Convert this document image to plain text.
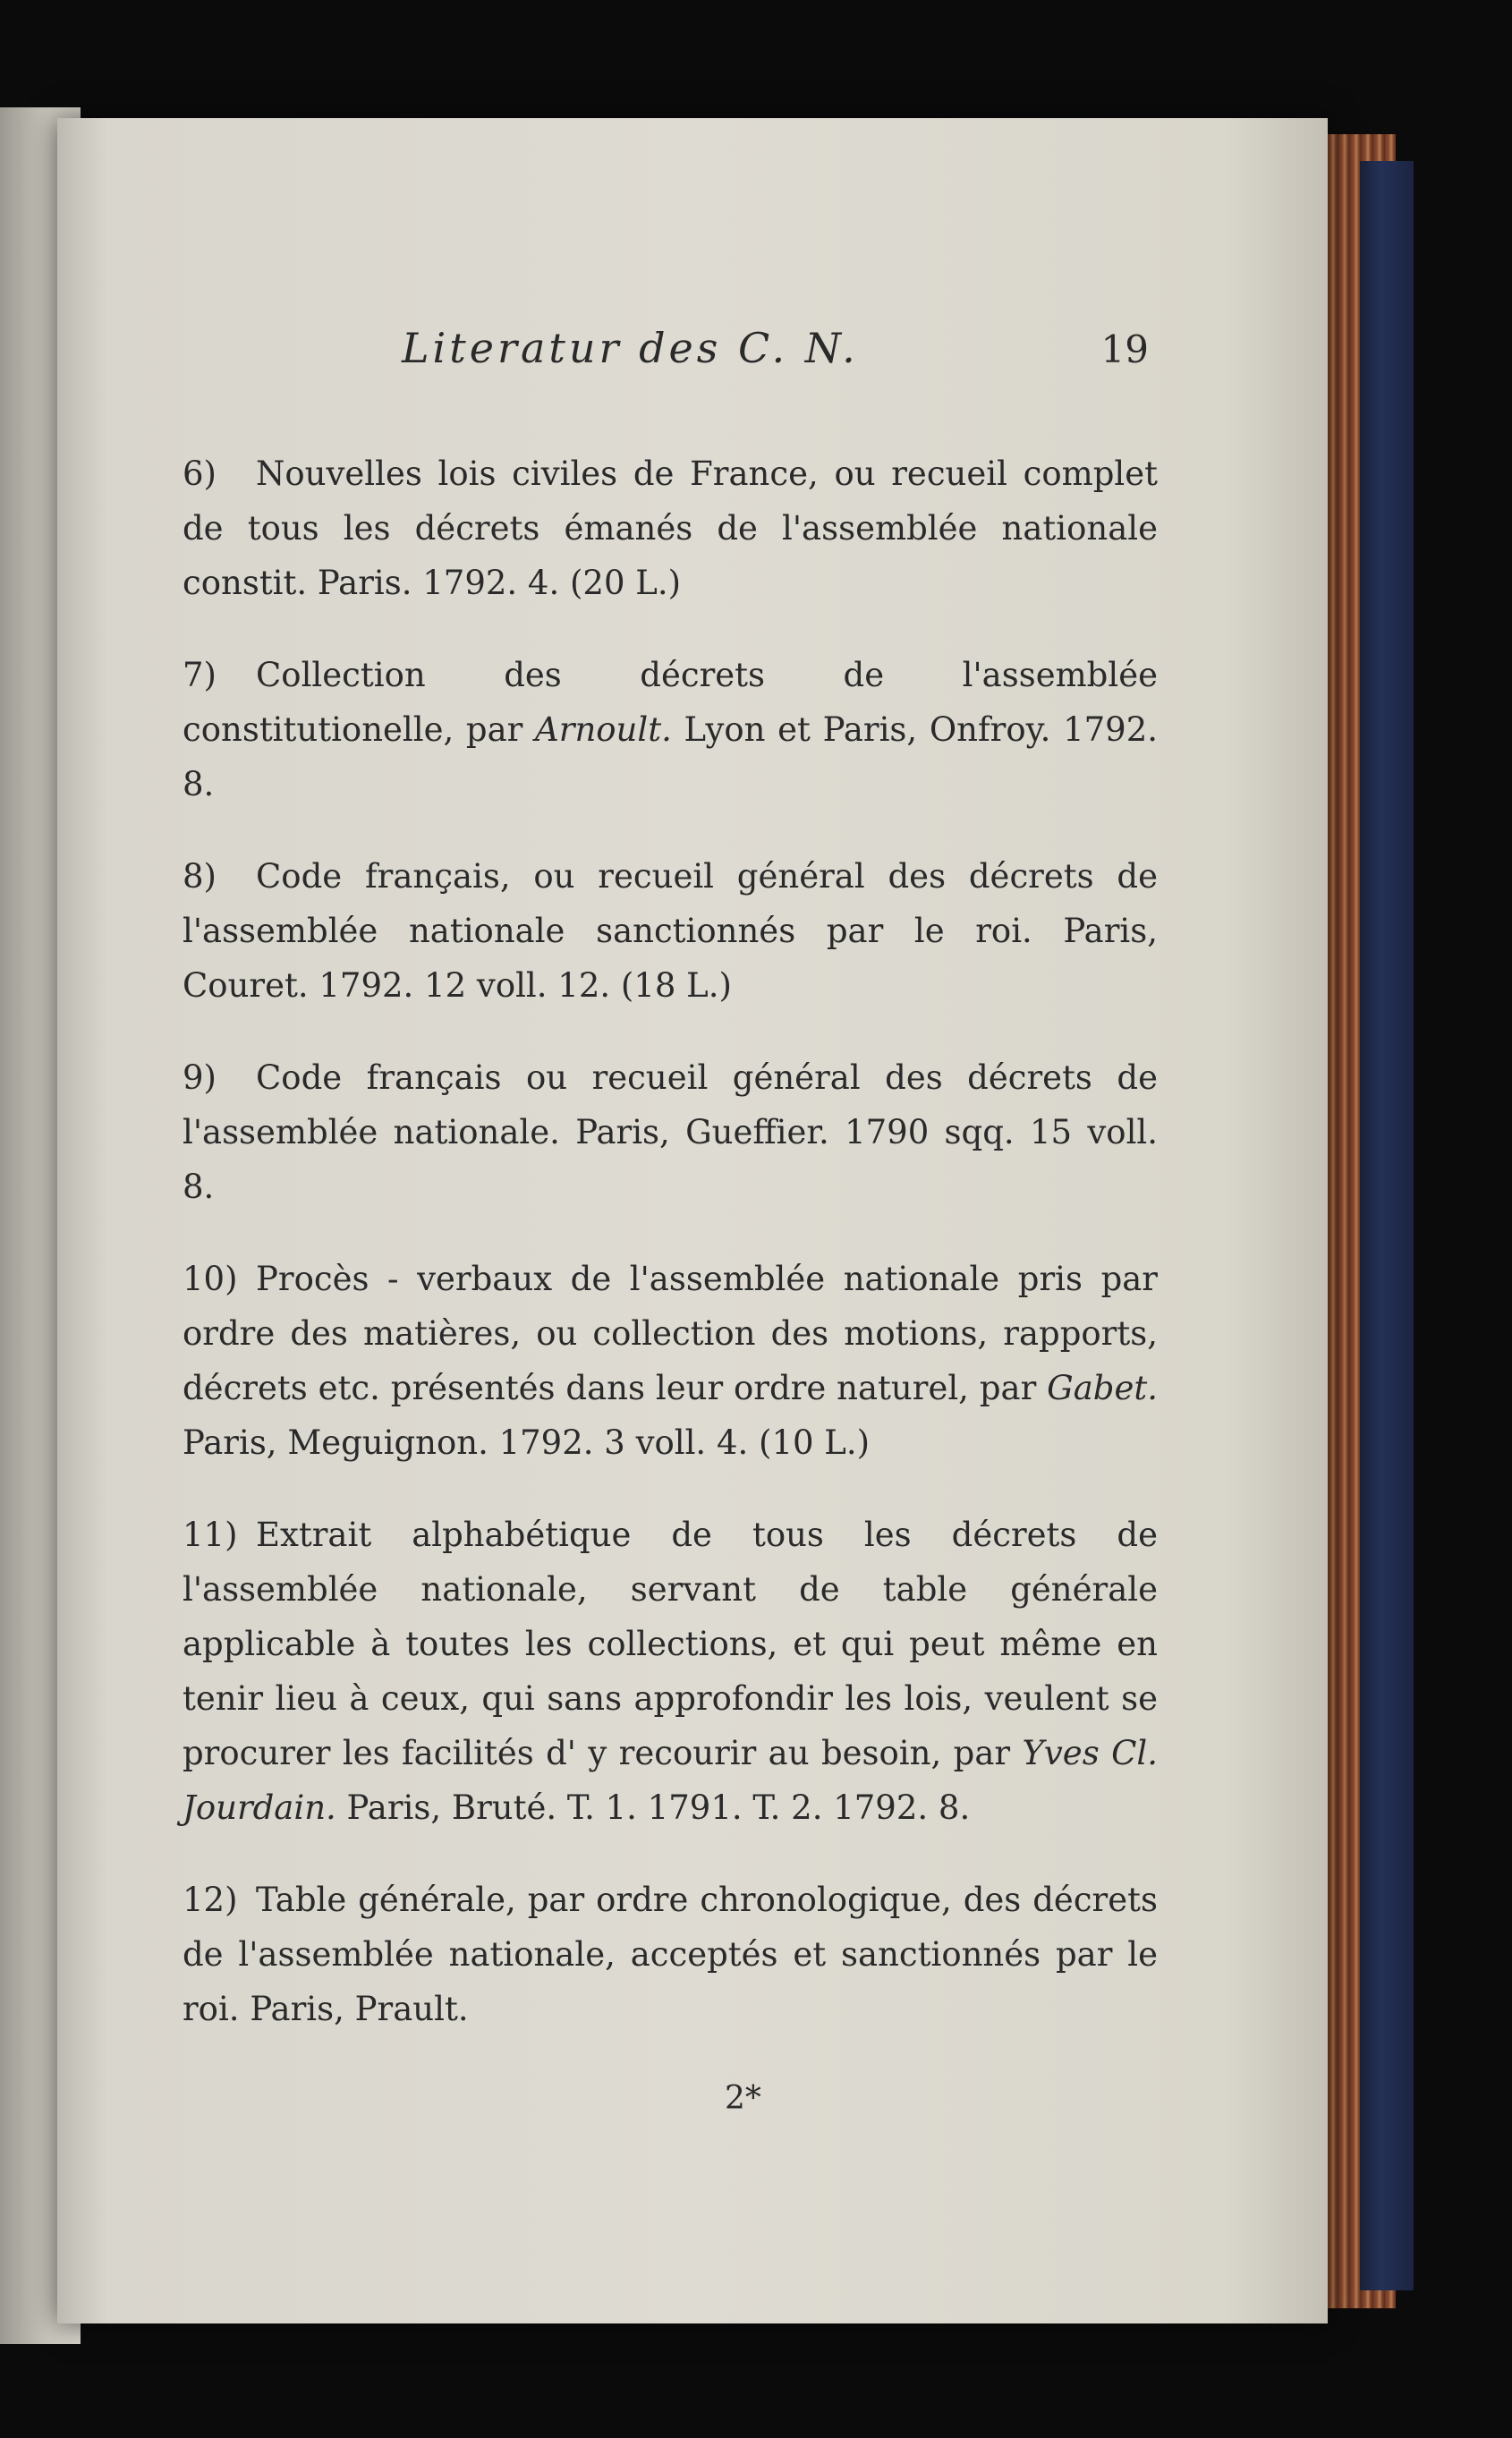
Literatur des C. N.	19

6) Nouvelles lois civiles de France, ou recueil complet de tous les décrets émanés de l'assemblée nationale constit. Paris. 1792. 4. (20 L.)

7) Collection des décrets de l'assemblée constitutionelle, par Arnoult. Lyon et Paris, Onfroy. 1792. 8.

8) Code français, ou recueil général des décrets de l'assemblée nationale sanctionnés par le roi. Paris, Couret. 1792. 12 voll. 12. (18 L.)

9) Code français ou recueil général des décrets de l'assemblée nationale. Paris, Gueffier. 1790 sqq. 15 voll. 8.

10) Procès - verbaux de l'assemblée nationale pris par ordre des matières, ou collection des motions, rapports, décrets etc. présentés dans leur ordre naturel, par Gabet. Paris, Meguignon. 1792. 3 voll. 4. (10 L.)

11) Extrait alphabétique de tous les décrets de l'assemblée nationale, servant de table générale applicable à toutes les collections, et qui peut même en tenir lieu à ceux, qui sans approfondir les lois, veulent se procurer les facilités d' y recourir au besoin, par Yves Cl. Jourdain. Paris, Bruté. T. 1. 1791. T. 2. 1792. 8.

12) Table générale, par ordre chronologique, des décrets de l'assemblée nationale, acceptés et sanctionnés par le roi. Paris, Prault.

2*
